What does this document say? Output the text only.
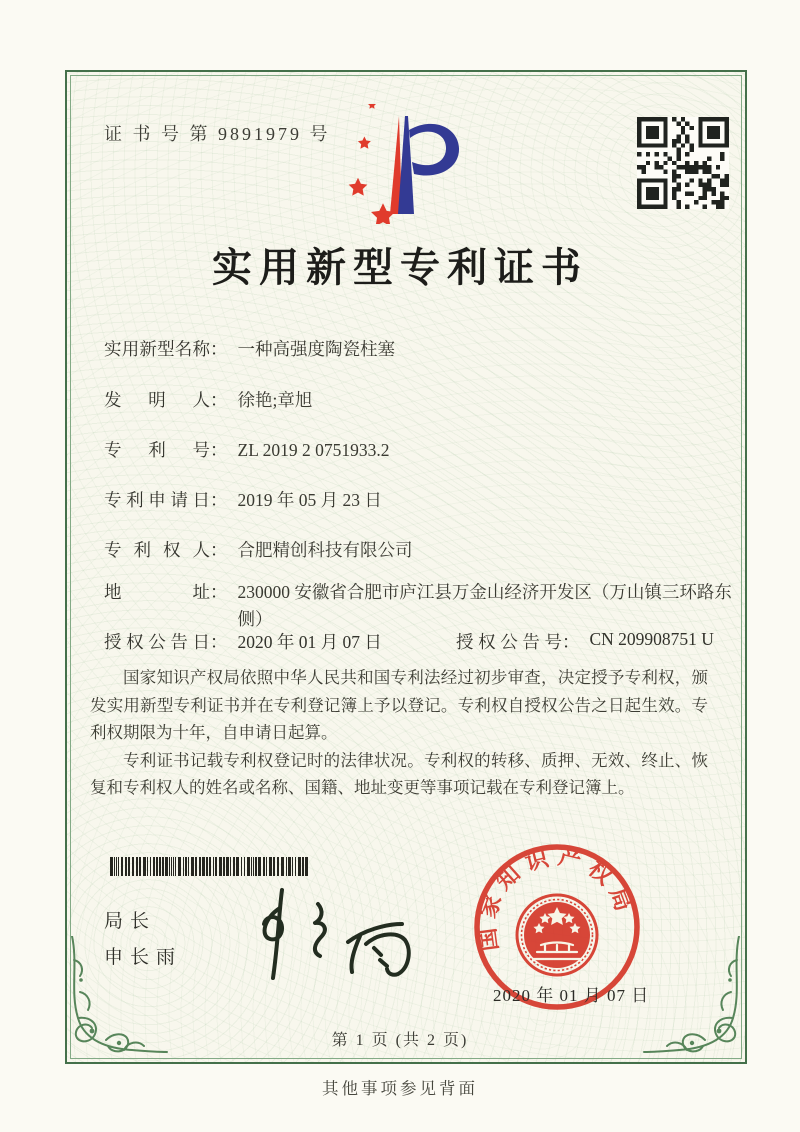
证 书 号 第 9891979 号
实用新型专利证书
实用新型名称： 一种高强度陶瓷柱塞
发明人： 徐艳;章旭
专利号： ZL 2019 2 0751933.2
专利申请日： 2019 年 05 月 23 日
专利权人： 合肥精创科技有限公司
地址： 230000 安徽省合肥市庐江县万金山经济开发区（万山镇三环路东侧）
授权公告日： 2020 年 01 月 07 日	授权公告号： CN 209908751 U

国家知识产权局依照中华人民共和国专利法经过初步审查，决定授予专利权，颁发实用新型专利证书并在专利登记簿上予以登记。专利权自授权公告之日起生效。专利权期限为十年，自申请日起算。

专利证书记载专利权登记时的法律状况。专利权的转移、质押、无效、终止、恢复和专利权人的姓名或名称、国籍、地址变更等事项记载在专利登记簿上。

局长
申长雨
国家知识产权局
2020 年 01 月 07 日
第 1 页 (共 2 页)
其他事项参见背面
